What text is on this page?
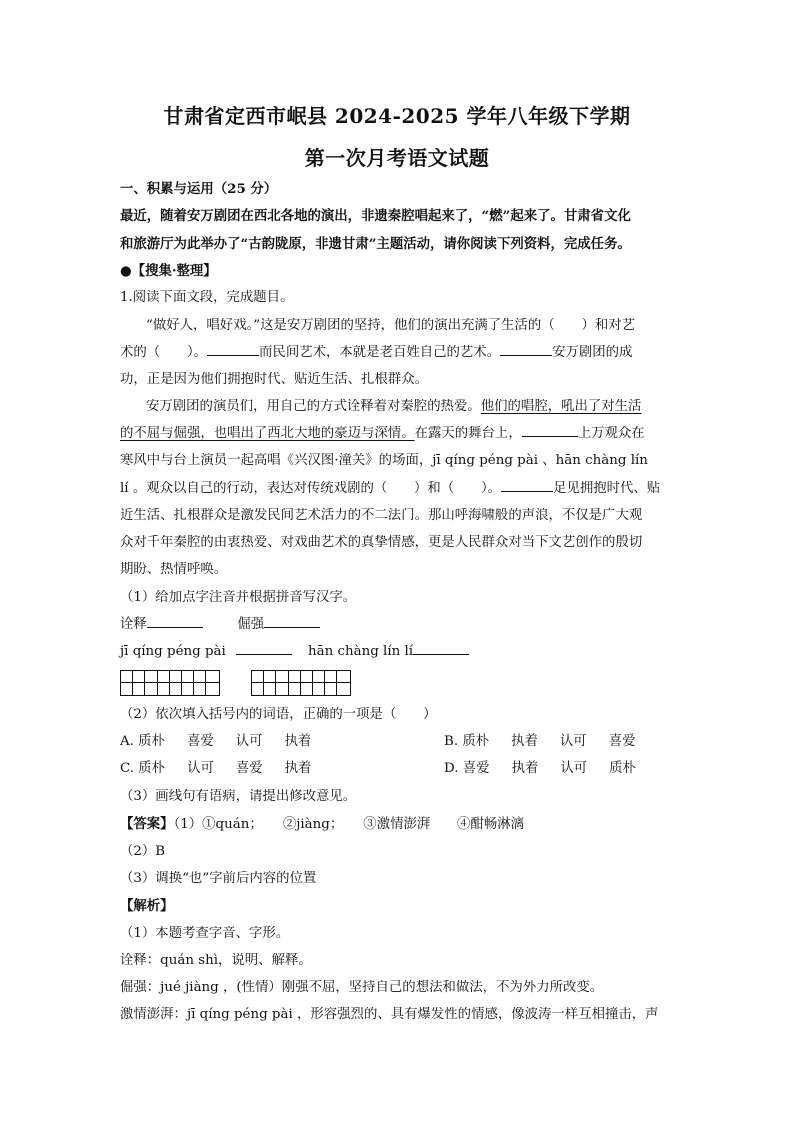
甘肃省定西市岷县 2024-2025 学年八年级下学期
第一次月考语文试题
一、积累与运用（25 分）
最近，随着安万剧团在西北各地的演出，非遗秦腔唱起来了，“燃”起来了。甘肃省文化
和旅游厅为此举办了“古韵陇原，非遗甘肃”主题活动，请你阅读下列资料，完成任务。
●【搜集·整理】
1.阅读下面文段，完成题目。
“做好人，唱好戏。”这是安万剧团的坚持，他们的演出充满了生活的（　　）和对艺
术的（　　）。	而民间艺术，本就是老百姓自己的艺术。	安万剧团的成
功，正是因为他们拥抱时代、贴近生活、扎根群众。
安万剧团的演员们，用自己的方式诠释着对秦腔的热爱。他们的唱腔，吼出了对生活
的不屈与倔强，也唱出了西北大地的豪迈与深情。在露天的舞台上，	上万观众在
寒风中与台上演员一起高唱《兴汉图·潼关》的场面，jī qíng péng pài 、hān chàng lín
lí 。观众以自己的行动，表达对传统戏剧的（　　）和（　　）。	足见拥抱时代、贴
近生活、扎根群众是激发民间艺术活力的不二法门。那山呼海啸般的声浪，不仅是广大观
众对千年秦腔的由衷热爱、对戏曲艺术的真挚情感，更是人民群众对当下文艺创作的殷切
期盼、热情呼唤。
（1）给加点字注音并根据拼音写汉字。
诠释	倔强
jī qíng péng pài	hān chàng lín lí
（2）依次填入括号内的词语，正确的一项是（　　）
A. 质朴 喜爱 认可 执着	B. 质朴 执着 认可 喜爱
C. 质朴 认可 喜爱 执着	D. 喜爱 执着 认可 质朴
（3）画线句有语病，请提出修改意见。
【答案】（1）①quán；　　②jiàng；　　③激情澎湃　　④酣畅淋漓
（2）B
（3）调换“也”字前后内容的位置
【解析】
（1）本题考查字音、字形。
诠释：quán shì，说明、解释。
倔强：jué jiàng ，(性情）刚强不屈，坚持自己的想法和做法，不为外力所改变。
激情澎湃：jī qíng péng pài ，形容强烈的、具有爆发性的情感，像波涛一样互相撞击，声
